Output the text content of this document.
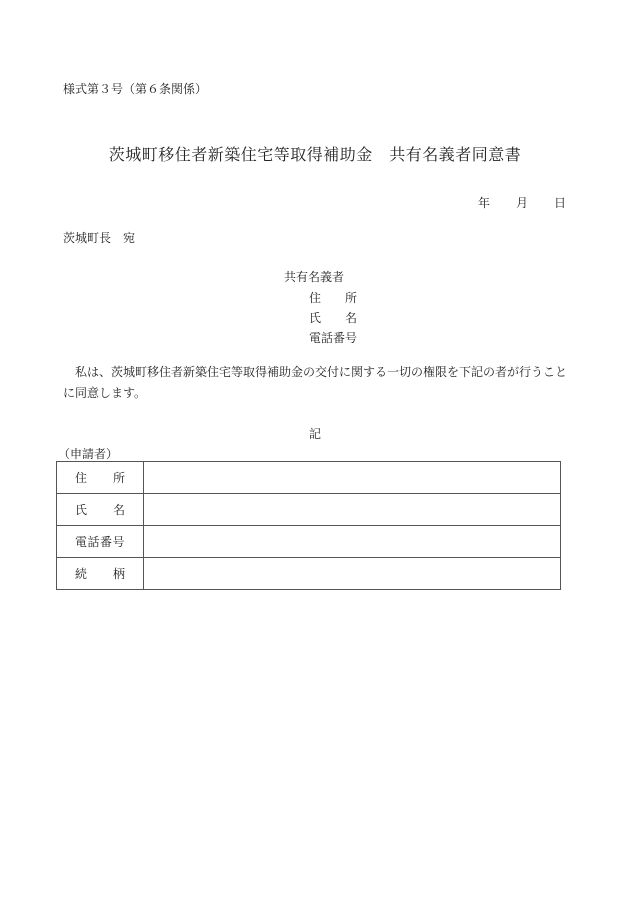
様式第３号（第６条関係）
茨城町移住者新築住宅等取得補助金　共有名義者同意書
年 月 日
茨城町長　宛
共有名義者
住 所
氏 名
電話番号
私は、茨城町移住者新築住宅等取得補助金の交付に関する一切の権限を下記の者が行うことに同意します。
記
（申請者）
住 所	

氏 名	

電話番号	

続 柄	
